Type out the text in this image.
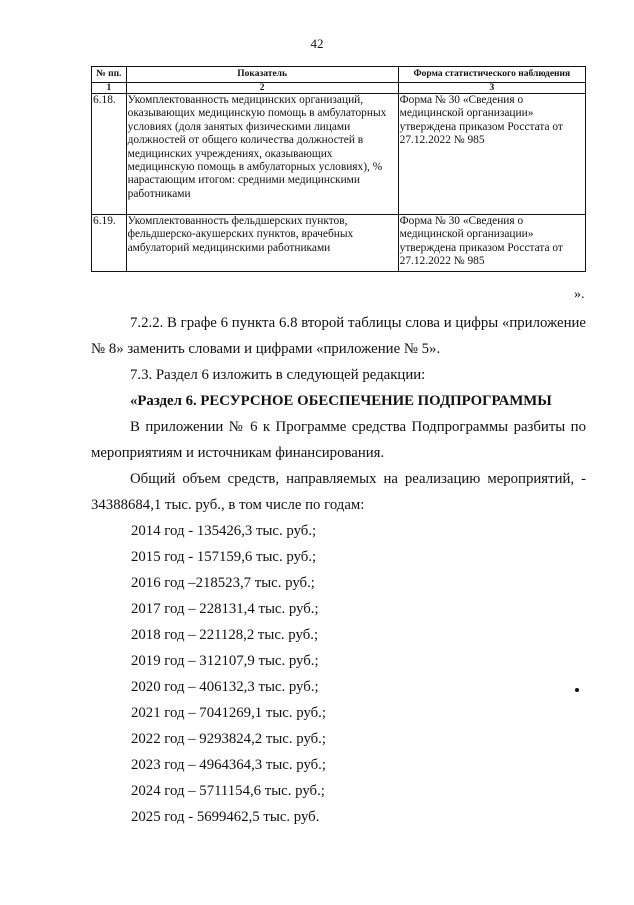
42
№ пп.	Показатель	Форма статистического наблюдения
1	2	3
6.18.	Укомплектованность медицинских организаций, оказывающих медицинскую помощь в амбулаторных условиях (доля занятых физическими лицами должностей от общего количества должностей в медицинских учреждениях, оказывающих медицинскую помощь в амбулаторных условиях), % нарастающим итогом: средними медицинскими работниками	Форма № 30 «Сведения о медицинской организации» утверждена приказом Росстата от 27.12.2022 № 985
6.19.	Укомплектованность фельдшерских пунктов, фельдшерско-акушерских пунктов, врачебных амбулаторий медицинскими работниками	Форма № 30 «Сведения о медицинской организации» утверждена приказом Росстата от 27.12.2022 № 985
».
7.2.2. В графе 6 пункта 6.8 второй таблицы слова и цифры «приложение
№ 8» заменить словами и цифрами «приложение № 5».
7.3. Раздел 6 изложить в следующей редакции:
«Раздел 6. РЕСУРСНОЕ ОБЕСПЕЧЕНИЕ ПОДПРОГРАММЫ
В приложении № 6 к Программе средства Подпрограммы разбиты по
мероприятиям и источникам финансирования.
Общий объем средств, направляемых на реализацию мероприятий, -
34388684,1 тыс. руб., в том числе по годам:
2014 год - 135426,3 тыс. руб.;
2015 год - 157159,6 тыс. руб.;
2016 год –218523,7 тыс. руб.;
2017 год – 228131,4 тыс. руб.;
2018 год – 221128,2 тыс. руб.;
2019 год – 312107,9 тыс. руб.;
2020 год – 406132,3 тыс. руб.;
2021 год – 7041269,1 тыс. руб.;
2022 год – 9293824,2 тыс. руб.;
2023 год – 4964364,3 тыс. руб.;
2024 год – 5711154,6 тыс. руб.;
2025 год - 5699462,5 тыс. руб.
